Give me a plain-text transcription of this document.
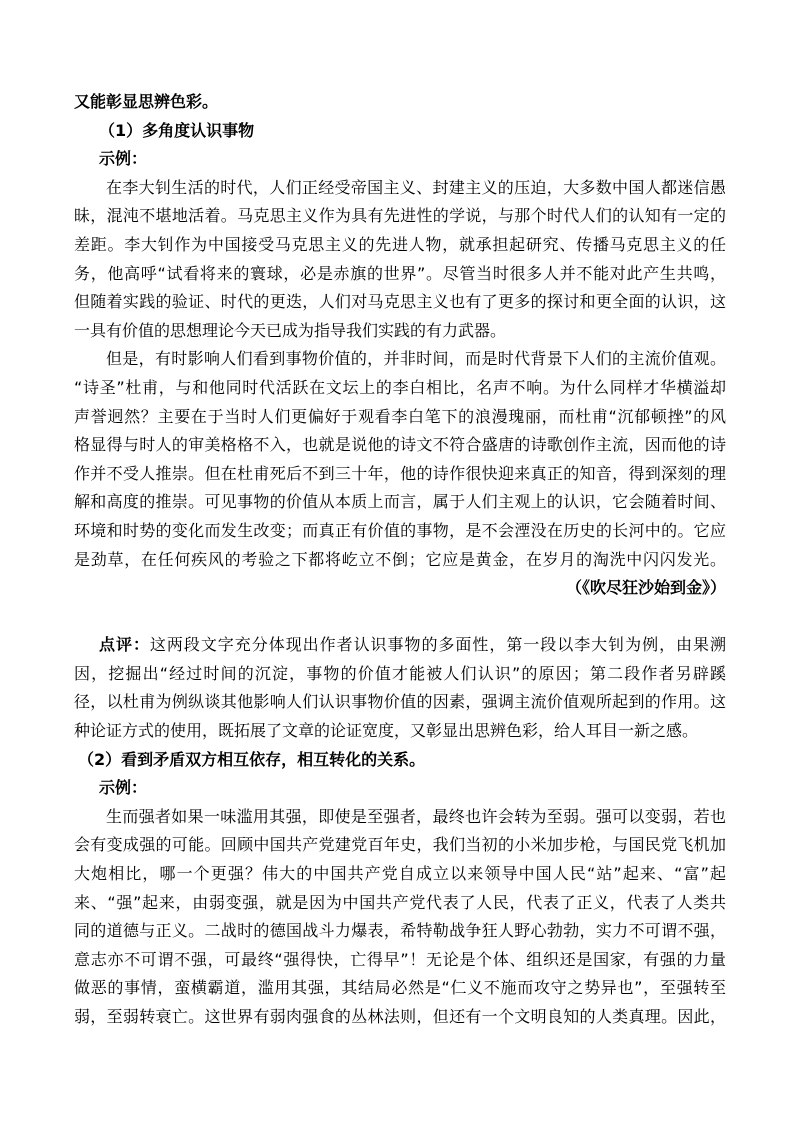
又能彰显思辨色彩。
（1）多角度认识事物
示例：
在李大钊生活的时代，人们正经受帝国主义、封建主义的压迫，大多数中国人都迷信愚
昧，混沌不堪地活着。马克思主义作为具有先进性的学说，与那个时代人们的认知有一定的
差距。李大钊作为中国接受马克思主义的先进人物，就承担起研究、传播马克思主义的任
务，他高呼“试看将来的寰球，必是赤旗的世界”。尽管当时很多人并不能对此产生共鸣，
但随着实践的验证、时代的更迭，人们对马克思主义也有了更多的探讨和更全面的认识，这
一具有价值的思想理论今天已成为指导我们实践的有力武器。
但是，有时影响人们看到事物价值的，并非时间，而是时代背景下人们的主流价值观。
“诗圣”杜甫，与和他同时代活跃在文坛上的李白相比，名声不响。为什么同样才华横溢却
声誉迥然？主要在于当时人们更偏好于观看李白笔下的浪漫瑰丽，而杜甫“沉郁顿挫”的风
格显得与时人的审美格格不入，也就是说他的诗文不符合盛唐的诗歌创作主流，因而他的诗
作并不受人推崇。但在杜甫死后不到三十年，他的诗作很快迎来真正的知音，得到深刻的理
解和高度的推崇。可见事物的价值从本质上而言，属于人们主观上的认识，它会随着时间、
环境和时势的变化而发生改变；而真正有价值的事物，是不会湮没在历史的长河中的。它应
是劲草，在任何疾风的考验之下都将屹立不倒；它应是黄金，在岁月的淘洗中闪闪发光。
（《吹尽狂沙始到金》）
点评：这两段文字充分体现出作者认识事物的多面性，第一段以李大钊为例，由果溯
因，挖掘出“经过时间的沉淀，事物的价值才能被人们认识”的原因；第二段作者另辟蹊
径，以杜甫为例纵谈其他影响人们认识事物价值的因素，强调主流价值观所起到的作用。这
种论证方式的使用，既拓展了文章的论证宽度，又彰显出思辨色彩，给人耳目一新之感。
（2）看到矛盾双方相互依存，相互转化的关系。
示例：
生而强者如果一味滥用其强，即使是至强者，最终也许会转为至弱。强可以变弱，若也
会有变成强的可能。回顾中国共产党建党百年史，我们当初的小米加步枪，与国民党飞机加
大炮相比，哪一个更强？伟大的中国共产党自成立以来领导中国人民“站”起来、“富”起
来、“强”起来，由弱变强，就是因为中国共产党代表了人民，代表了正义，代表了人类共
同的道德与正义。二战时的德国战斗力爆表，希特勒战争狂人野心勃勃，实力不可谓不强，
意志亦不可谓不强，可最终“强得快，亡得早”！无论是个体、组织还是国家，有强的力量
做恶的事情，蛮横霸道，滥用其强，其结局必然是“仁义不施而攻守之势异也”，至强转至
弱，至弱转衰亡。这世界有弱肉强食的丛林法则，但还有一个文明良知的人类真理。因此，
